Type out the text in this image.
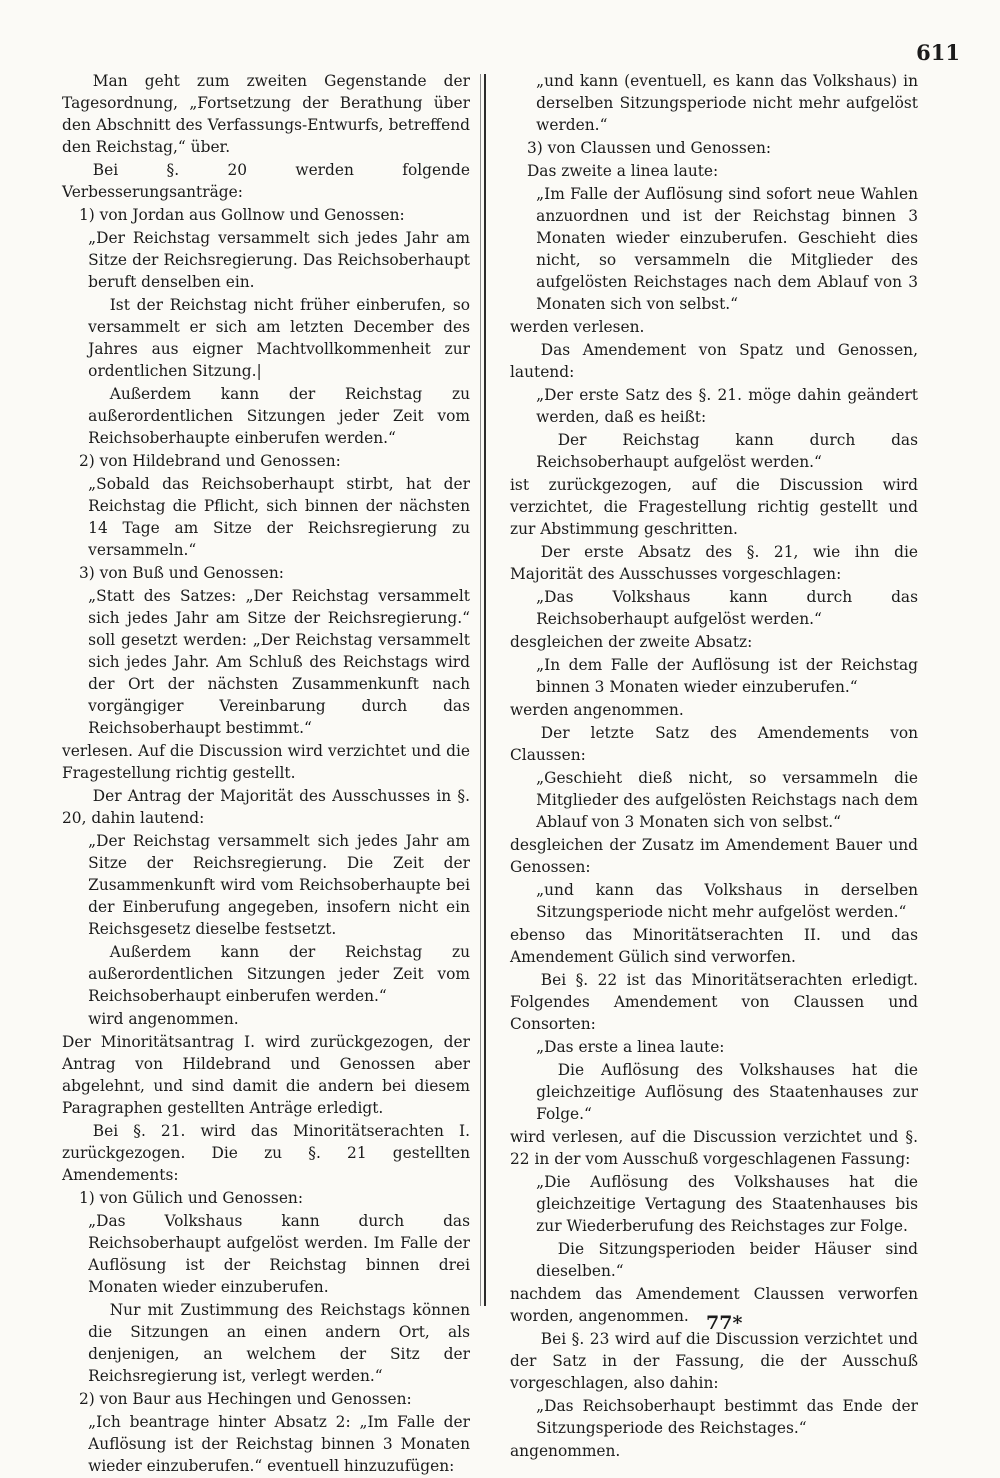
611

Man geht zum zweiten Gegenstande der Tagesordnung, „Fortsetzung der Berathung über den Abschnitt des Verfassungs-Entwurfs, betreffend den Reichstag,“ über.

Bei §. 20 werden folgende Verbesserungsanträge:

1) von Jordan aus Gollnow und Genossen:

„Der Reichstag versammelt sich jedes Jahr am Sitze der Reichsregierung. Das Reichsoberhaupt beruft denselben ein.

Ist der Reichstag nicht früher einberufen, so versammelt er sich am letzten December des Jahres aus eigner Machtvollkommenheit zur ordentlichen Sitzung.|

Außerdem kann der Reichstag zu außerordentlichen Sitzungen jeder Zeit vom Reichsoberhaupte einberufen werden.“

2) von Hildebrand und Genossen:

„Sobald das Reichsoberhaupt stirbt, hat der Reichstag die Pflicht, sich binnen der nächsten 14 Tage am Sitze der Reichsregierung zu versammeln.“

3) von Buß und Genossen:

„Statt des Satzes: „Der Reichstag versammelt sich jedes Jahr am Sitze der Reichsregierung.“ soll gesetzt werden: „Der Reichstag versammelt sich jedes Jahr. Am Schluß des Reichstags wird der Ort der nächsten Zusammenkunft nach vorgängiger Vereinbarung durch das Reichsoberhaupt bestimmt.“

verlesen. Auf die Discussion wird verzichtet und die Fragestellung richtig gestellt.

Der Antrag der Majorität des Ausschusses in §. 20, dahin lautend:

„Der Reichstag versammelt sich jedes Jahr am Sitze der Reichsregierung. Die Zeit der Zusammenkunft wird vom Reichsoberhaupte bei der Einberufung angegeben, insofern nicht ein Reichsgesetz dieselbe festsetzt.

Außerdem kann der Reichstag zu außerordentlichen Sitzungen jeder Zeit vom Reichsoberhaupt einberufen werden.“

wird angenommen.

Der Minoritätsantrag I. wird zurückgezogen, der Antrag von Hildebrand und Genossen aber abgelehnt, und sind damit die andern bei diesem Paragraphen gestellten Anträge erledigt.

Bei §. 21. wird das Minoritätserachten I. zurückgezogen. Die zu §. 21 gestellten Amendements:

1) von Gülich und Genossen:

„Das Volkshaus kann durch das Reichsoberhaupt aufgelöst werden. Im Falle der Auflösung ist der Reichstag binnen drei Monaten wieder einzuberufen.

Nur mit Zustimmung des Reichstags können die Sitzungen an einen andern Ort, als denjenigen, an welchem der Sitz der Reichsregierung ist, verlegt werden.“

2) von Baur aus Hechingen und Genossen:

„Ich beantrage hinter Absatz 2: „Im Falle der Auflösung ist der Reichstag binnen 3 Monaten wieder einzuberufen.“ eventuell hinzuzufügen:

„und kann (eventuell, es kann das Volkshaus) in derselben Sitzungsperiode nicht mehr aufgelöst werden.“

3) von Claussen und Genossen:

Das zweite a linea laute:

„Im Falle der Auflösung sind sofort neue Wahlen anzuordnen und ist der Reichstag binnen 3 Monaten wieder einzuberufen. Geschieht dies nicht, so versammeln die Mitglieder des aufgelösten Reichstages nach dem Ablauf von 3 Monaten sich von selbst.“

werden verlesen.

Das Amendement von Spatz und Genossen, lautend:

„Der erste Satz des §. 21. möge dahin geändert werden, daß es heißt:

Der Reichstag kann durch das Reichsoberhaupt aufgelöst werden.“

ist zurückgezogen, auf die Discussion wird verzichtet, die Fragestellung richtig gestellt und zur Abstimmung geschritten.

Der erste Absatz des §. 21, wie ihn die Majorität des Ausschusses vorgeschlagen:

„Das Volkshaus kann durch das Reichsoberhaupt aufgelöst werden.“

desgleichen der zweite Absatz:

„In dem Falle der Auflösung ist der Reichstag binnen 3 Monaten wieder einzuberufen.“

werden angenommen.

Der letzte Satz des Amendements von Claussen:

„Geschieht dieß nicht, so versammeln die Mitglieder des aufgelösten Reichstags nach dem Ablauf von 3 Monaten sich von selbst.“

desgleichen der Zusatz im Amendement Bauer und Genossen:

„und kann das Volkshaus in derselben Sitzungsperiode nicht mehr aufgelöst werden.“

ebenso das Minoritätserachten II. und das Amendement Gülich sind verworfen.

Bei §. 22 ist das Minoritätserachten erledigt. Folgendes Amendement von Claussen und Consorten:

„Das erste a linea laute:

Die Auflösung des Volkshauses hat die gleichzeitige Auflösung des Staatenhauses zur Folge.“

wird verlesen, auf die Discussion verzichtet und §. 22 in der vom Ausschuß vorgeschlagenen Fassung:

„Die Auflösung des Volkshauses hat die gleichzeitige Vertagung des Staatenhauses bis zur Wiederberufung des Reichstages zur Folge.

Die Sitzungsperioden beider Häuser sind dieselben.“

nachdem das Amendement Claussen verworfen worden, angenommen.

Bei §. 23 wird auf die Discussion verzichtet und der Satz in der Fassung, die der Ausschuß vorgeschlagen, also dahin:

„Das Reichsoberhaupt bestimmt das Ende der Sitzungsperiode des Reichstages.“

angenommen.

77*
